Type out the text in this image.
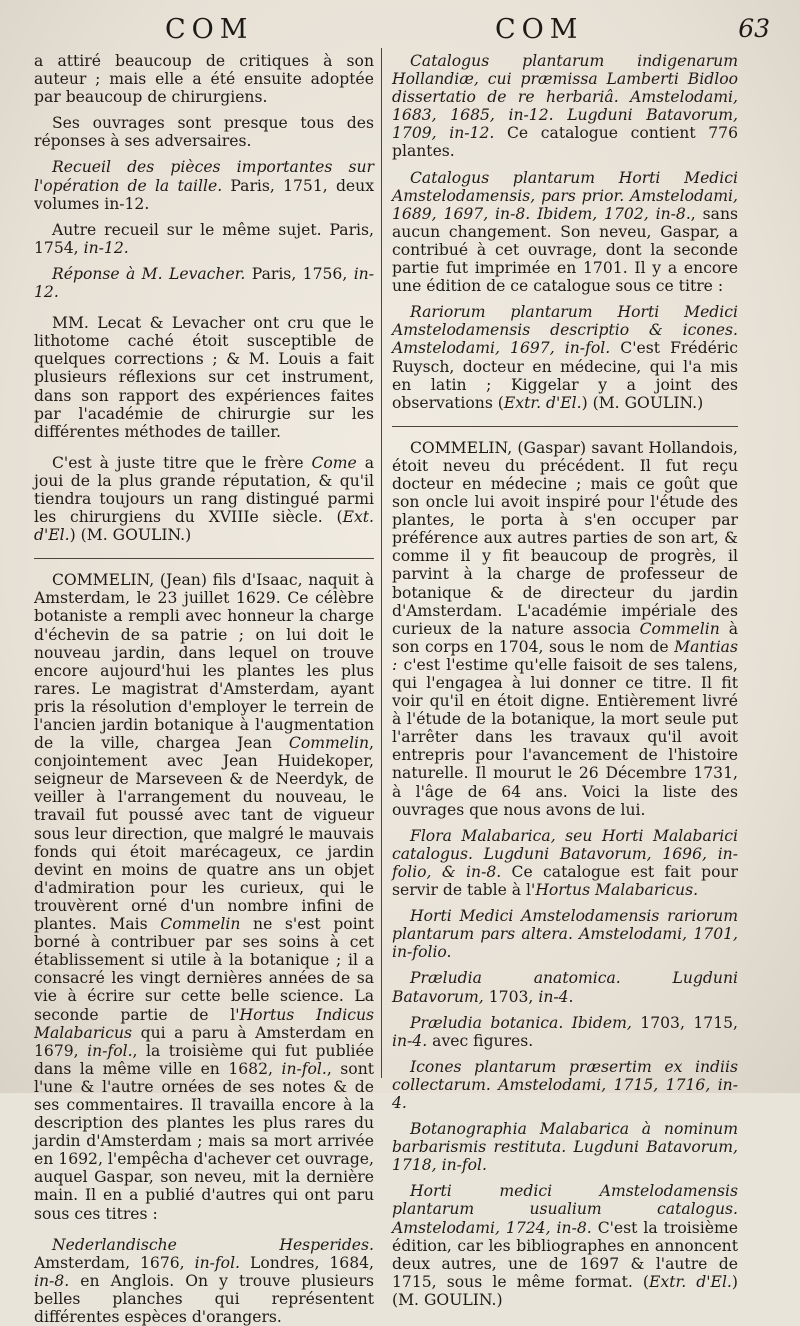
COM	COM	63

a attiré beaucoup de critiques à son auteur ; mais elle a été ensuite adoptée par beaucoup de chirurgiens.

Ses ouvrages sont presque tous des réponses à ses adversaires.

Recueil des pièces importantes sur l'opération de la taille. Paris, 1751, deux volumes in-12.

Autre recueil sur le même sujet. Paris, 1754, in-12.

Réponse à M. Levacher. Paris, 1756, in-12.

MM. Lecat & Levacher ont cru que le lithotome caché étoit susceptible de quelques corrections ; & M. Louis a fait plusieurs réflexions sur cet instrument, dans son rapport des expériences faites par l'académie de chirurgie sur les différentes méthodes de tailler.

C'est à juste titre que le frère Come a joui de la plus grande réputation, & qu'il tiendra toujours un rang distingué parmi les chirurgiens du XVIIIe siècle. (Ext. d'El.) (M. GOULIN.)

COMMELIN, (Jean) fils d'Isaac, naquit à Amsterdam, le 23 juillet 1629. Ce célèbre botaniste a rempli avec honneur la charge d'échevin de sa patrie ; on lui doit le nouveau jardin, dans lequel on trouve encore aujourd'hui les plantes les plus rares. Le magistrat d'Amsterdam, ayant pris la résolution d'employer le terrein de l'ancien jardin botanique à l'augmentation de la ville, chargea Jean Commelin, conjointement avec Jean Huidekoper, seigneur de Marseveen & de Neerdyk, de veiller à l'arrangement du nouveau, le travail fut poussé avec tant de vigueur sous leur direction, que malgré le mauvais fonds qui étoit marécageux, ce jardin devint en moins de quatre ans un objet d'admiration pour les curieux, qui le trouvèrent orné d'un nombre infini de plantes. Mais Commelin ne s'est point borné à contribuer par ses soins à cet établissement si utile à la botanique ; il a consacré les vingt dernières années de sa vie à écrire sur cette belle science. La seconde partie de l'Hortus Indicus Malabaricus qui a paru à Amsterdam en 1679, in-fol., la troisième qui fut publiée dans la même ville en 1682, in-fol., sont l'une & l'autre ornées de ses notes & de ses commentaires. Il travailla encore à la description des plantes les plus rares du jardin d'Amsterdam ; mais sa mort arrivée en 1692, l'empêcha d'achever cet ouvrage, auquel Gaspar, son neveu, mit la dernière main. Il en a publié d'autres qui ont paru sous ces titres :

Nederlandische Hesperides. Amsterdam, 1676, in-fol. Londres, 1684, in-8. en Anglois. On y trouve plusieurs belles planches qui représentent différentes espèces d'orangers.

Catalogus plantarum indigenarum Hollandiæ, cui præmissa Lamberti Bidloo dissertatio de re herbariâ. Amstelodami, 1683, 1685, in-12. Lugduni Batavorum, 1709, in-12. Ce catalogue contient 776 plantes.

Catalogus plantarum Horti Medici Amstelodamensis, pars prior. Amstelodami, 1689, 1697, in-8. Ibidem, 1702, in-8., sans aucun changement. Son neveu, Gaspar, a contribué à cet ouvrage, dont la seconde partie fut imprimée en 1701. Il y a encore une édition de ce catalogue sous ce titre :

Rariorum plantarum Horti Medici Amstelodamensis descriptio & icones. Amstelodami, 1697, in-fol. C'est Frédéric Ruysch, docteur en médecine, qui l'a mis en latin ; Kiggelar y a joint des observations (Extr. d'El.) (M. GOULIN.)

COMMELIN, (Gaspar) savant Hollandois, étoit neveu du précédent. Il fut reçu docteur en médecine ; mais ce goût que son oncle lui avoit inspiré pour l'étude des plantes, le porta à s'en occuper par préférence aux autres parties de son art, & comme il y fit beaucoup de progrès, il parvint à la charge de professeur de botanique & de directeur du jardin d'Amsterdam. L'académie impériale des curieux de la nature associa Commelin à son corps en 1704, sous le nom de Mantias : c'est l'estime qu'elle faisoit de ses talens, qui l'engagea à lui donner ce titre. Il fit voir qu'il en étoit digne. Entièrement livré à l'étude de la botanique, la mort seule put l'arrêter dans les travaux qu'il avoit entrepris pour l'avancement de l'histoire naturelle. Il mourut le 26 Décembre 1731, à l'âge de 64 ans. Voici la liste des ouvrages que nous avons de lui.

Flora Malabarica, seu Horti Malabarici catalogus. Lugduni Batavorum, 1696, in-folio, & in-8. Ce catalogue est fait pour servir de table à l'Hortus Malabaricus.

Horti Medici Amstelodamensis rariorum plantarum pars altera. Amstelodami, 1701, in-folio.

Præludia anatomica. Lugduni Batavorum, 1703, in-4.

Præludia botanica. Ibidem, 1703, 1715, in-4. avec figures.

Icones plantarum præsertim ex indiis collectarum. Amstelodami, 1715, 1716, in-4.

Botanographia Malabarica à nominum barbarismis restituta. Lugduni Batavorum, 1718, in-fol.

Horti medici Amstelodamensis plantarum usualium catalogus. Amstelodami, 1724, in-8. C'est la troisième édition, car les bibliographes en annoncent deux autres, une de 1697 & l'autre de 1715, sous le même format. (Extr. d'El.) (M. GOULIN.)
